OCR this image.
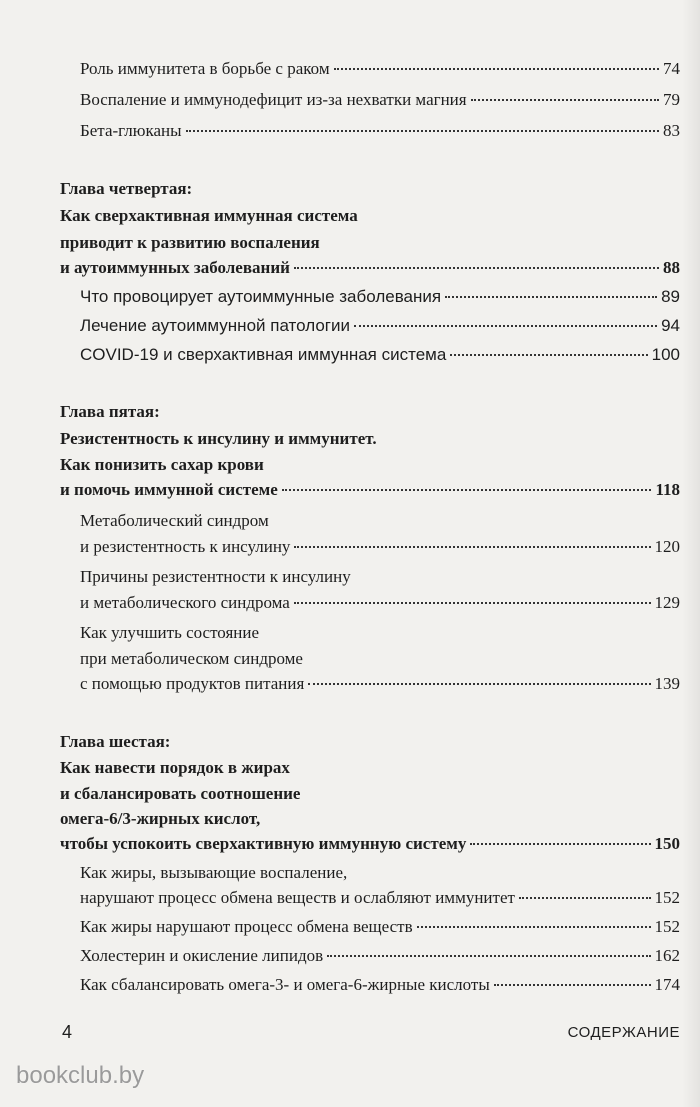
Роль иммунитета в борьбе с раком	74
Воспаление и иммунодефицит из-за нехватки магния	79
Бета-глюканы	83
Глава четвертая:
Как сверхактивная иммунная система
приводит к развитию воспаления
и аутоиммунных заболеваний	88
Что провоцирует аутоиммунные заболевания	89
Лечение аутоиммунной патологии	94
COVID-19 и сверхактивная иммунная система	100
Глава пятая:
Резистентность к инсулину и иммунитет.
Как понизить сахар крови
и помочь иммунной системе	118
Метаболический синдром
и резистентность к инсулину	120
Причины резистентности к инсулину
и метаболического синдрома	129
Как улучшить состояние
при метаболическом синдроме
с помощью продуктов питания	139
Глава шестая:
Как навести порядок в жирах
и сбалансировать соотношение
омега-6/3-жирных кислот,
чтобы успокоить сверхактивную иммунную систему	150
Как жиры, вызывающие воспаление,
нарушают процесс обмена веществ и ослабляют иммунитет	152
Как жиры нарушают процесс обмена веществ	152
Холестерин и окисление липидов	162
Как сбалансировать омега-3- и омега-6-жирные кислоты	174
4	СОДЕРЖАНИЕ
bookclub.by
